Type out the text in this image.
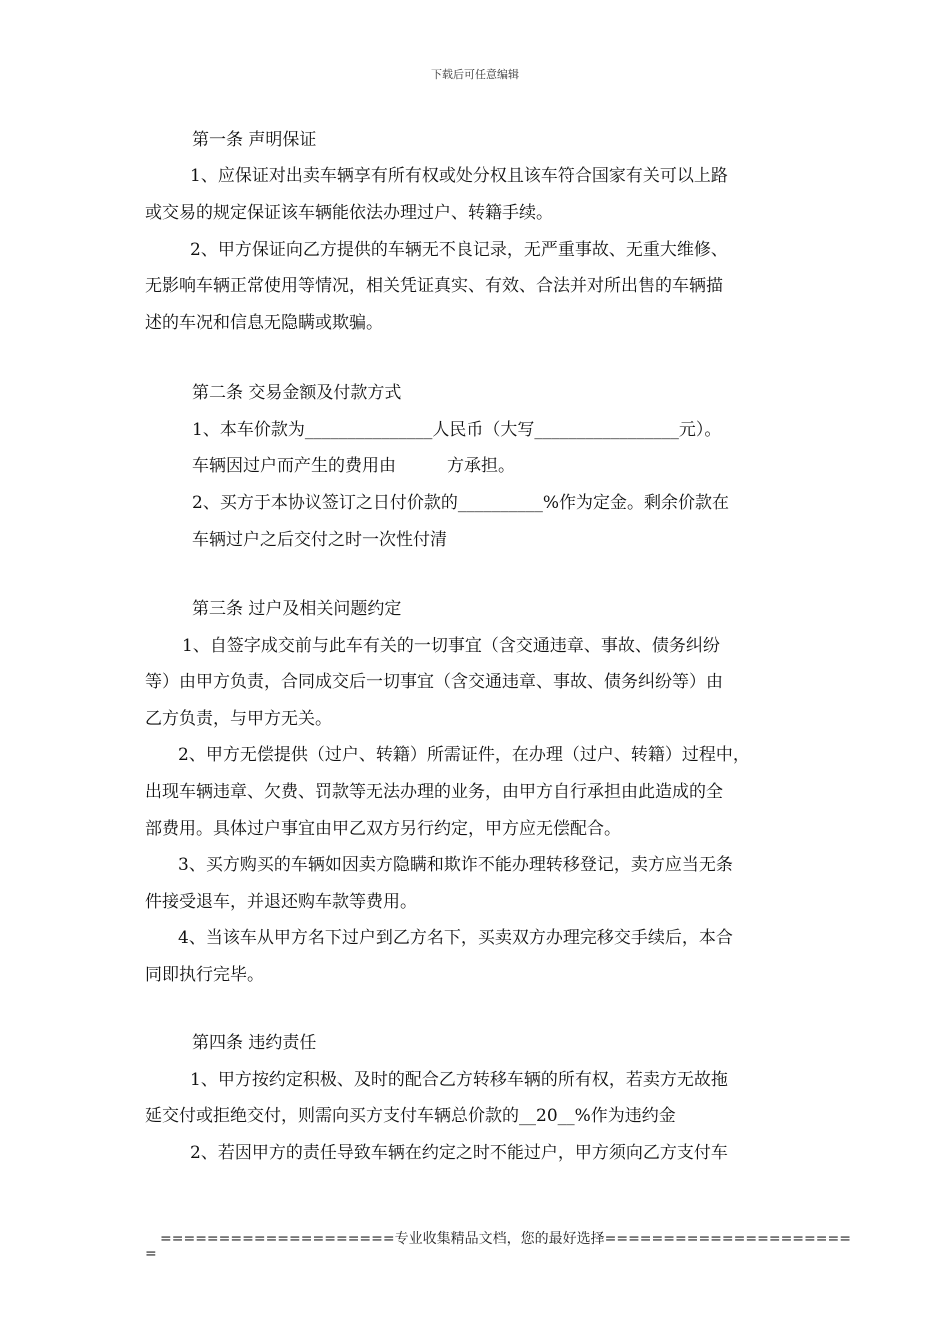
下载后可任意编辑
第一条 声明保证
1、应保证对出卖车辆享有所有权或处分权且该车符合国家有关可以上路
或交易的规定保证该车辆能依法办理过户、转籍手续。
2、甲方保证向乙方提供的车辆无不良记录，无严重事故、无重大维修、
无影响车辆正常使用等情况，相关凭证真实、有效、合法并对所出售的车辆描
述的车况和信息无隐瞒或欺骗。
第二条 交易金额及付款方式
1、本车价款为_______________人民币（大写_________________元）。
车辆因过户而产生的费用由　　　方承担。
2、买方于本协议签订之日付价款的__________%作为定金。剩余价款在
车辆过户之后交付之时一次性付清
第三条 过户及相关问题约定
1、自签字成交前与此车有关的一切事宜（含交通违章、事故、债务纠纷
等）由甲方负责，合同成交后一切事宜（含交通违章、事故、债务纠纷等）由
乙方负责，与甲方无关。
2、甲方无偿提供（过户、转籍）所需证件，在办理（过户、转籍）过程中，
出现车辆违章、欠费、罚款等无法办理的业务，由甲方自行承担由此造成的全
部费用。具体过户事宜由甲乙双方另行约定，甲方应无偿配合。
3、买方购买的车辆如因卖方隐瞒和欺诈不能办理转移登记，卖方应当无条
件接受退车，并退还购车款等费用。
4、当该车从甲方名下过户到乙方名下，买卖双方办理完移交手续后，本合
同即执行完毕。
第四条 违约责任
1、甲方按约定积极、及时的配合乙方转移车辆的所有权，若卖方无故拖
延交付或拒绝交付，则需向买方支付车辆总价款的__20__%作为违约金
2、若因甲方的责任导致车辆在约定之时不能过户，甲方须向乙方支付车
====================专业收集精品文档，您的最好选择=====================
=
